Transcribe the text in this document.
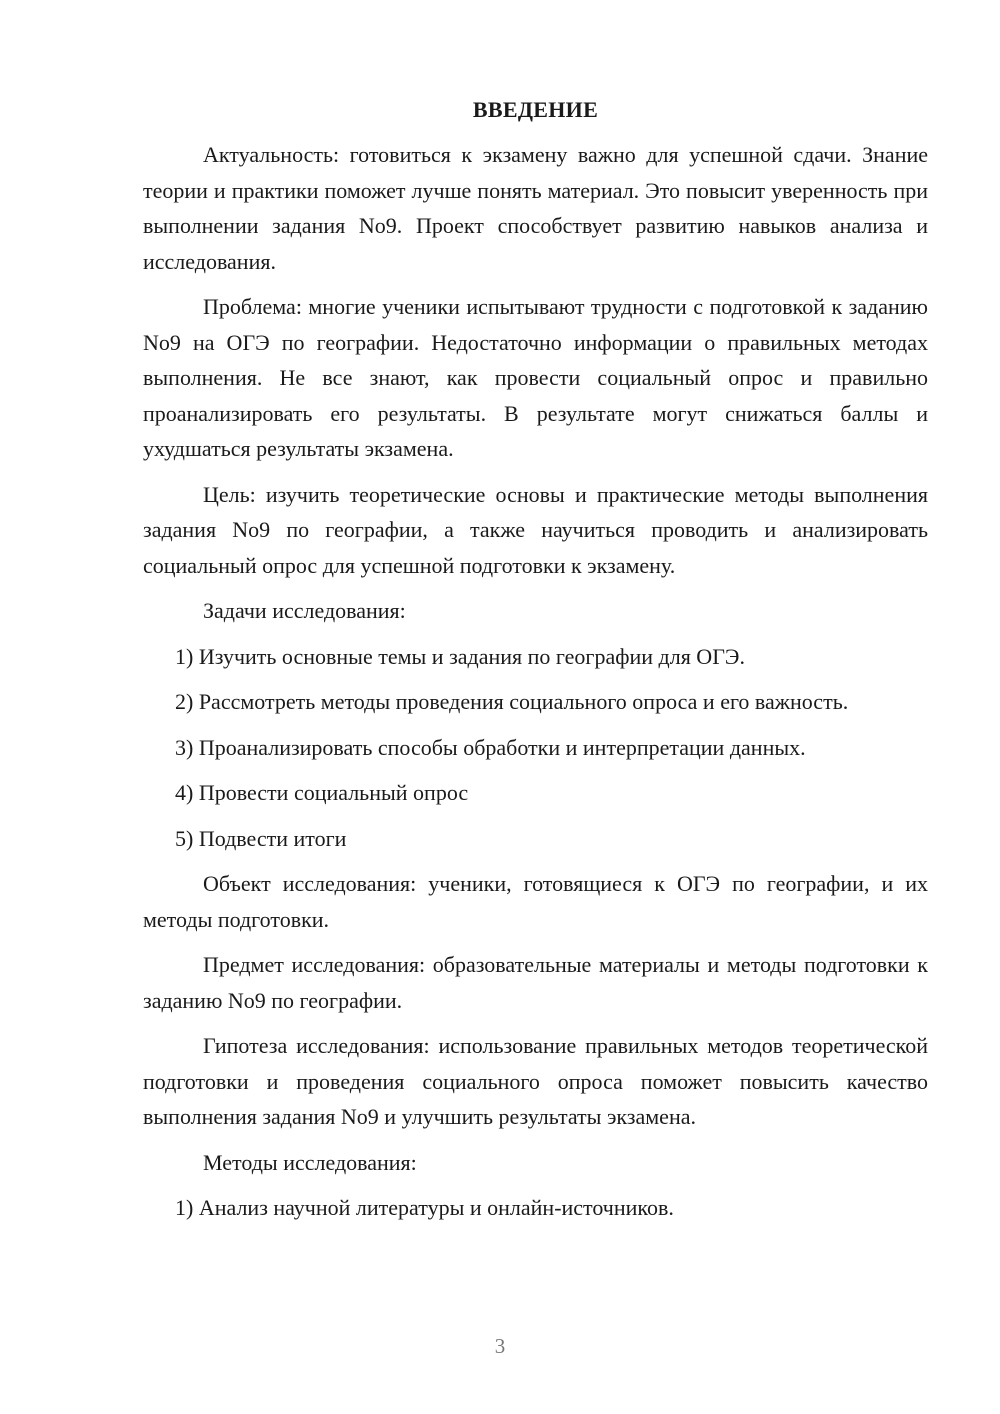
ВВЕДЕНИЕ
Актуальность: готовиться к экзамену важно для успешной сдачи. Знание теории и практики поможет лучше понять материал. Это повысит уверенность при выполнении задания No9. Проект способствует развитию навыков анализа и исследования.
Проблема: многие ученики испытывают трудности с подготовкой к заданию No9 на ОГЭ по географии. Недостаточно информации о правильных методах выполнения. Не все знают, как провести социальный опрос и правильно проанализировать его результаты. В результате могут снижаться баллы и ухудшаться результаты экзамена.
Цель: изучить теоретические основы и практические методы выполнения задания No9 по географии, а также научиться проводить и анализировать социальный опрос для успешной подготовки к экзамену.
Задачи исследования:
1) Изучить основные темы и задания по географии для ОГЭ.
2) Рассмотреть методы проведения социального опроса и его важность.
3) Проанализировать способы обработки и интерпретации данных.
4) Провести социальный опрос
5) Подвести итоги
Объект исследования: ученики, готовящиеся к ОГЭ по географии, и их методы подготовки.
Предмет исследования: образовательные материалы и методы подготовки к заданию No9 по географии.
Гипотеза исследования: использование правильных методов теоретической подготовки и проведения социального опроса поможет повысить качество выполнения задания No9 и улучшить результаты экзамена.
Методы исследования:
1) Анализ научной литературы и онлайн-источников.
3
